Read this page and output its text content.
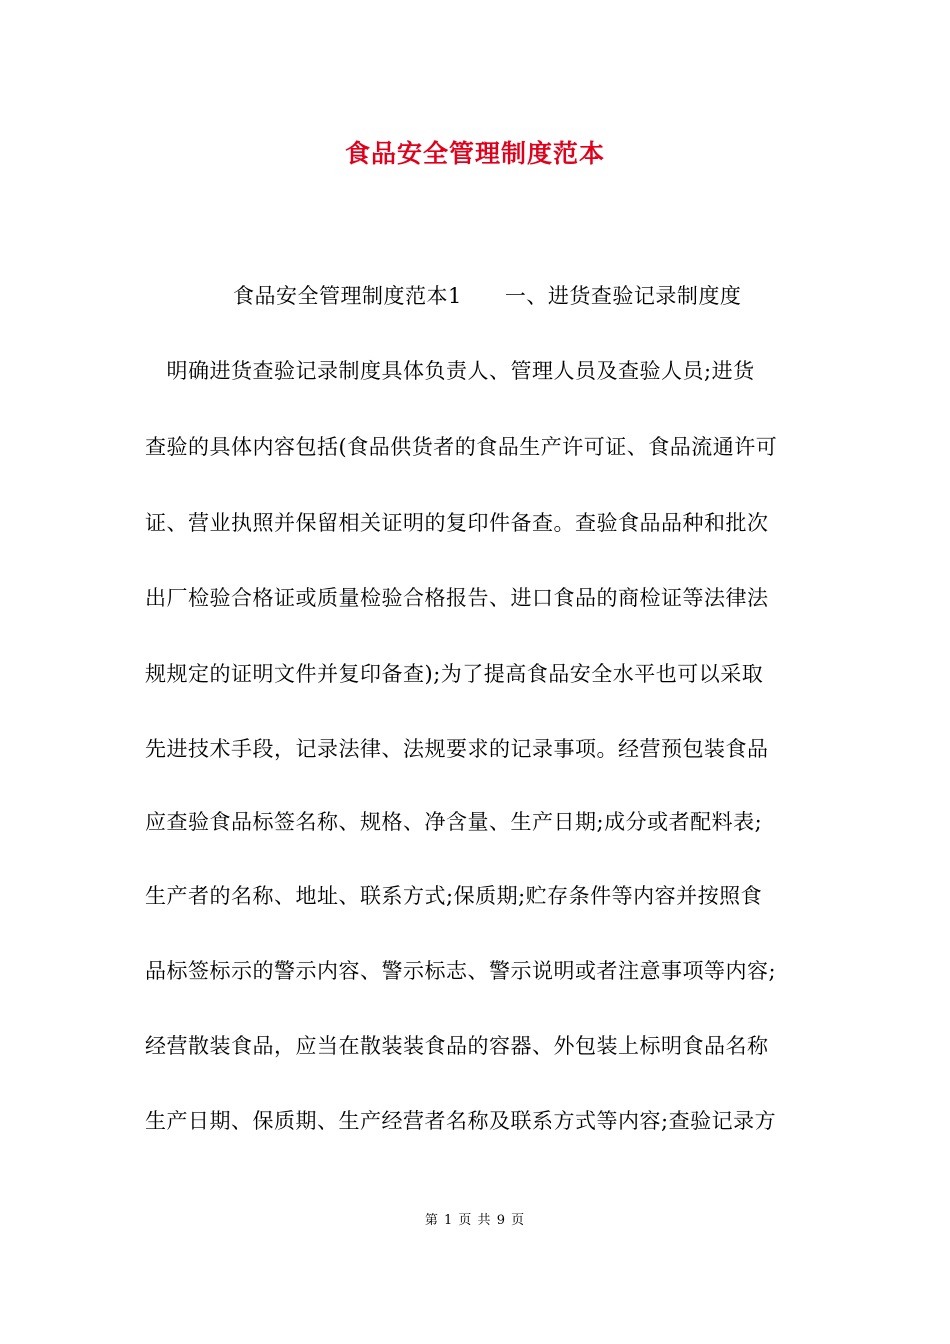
食品安全管理制度范本
食品安全管理制度范本1　　一、进货查验记录制度度
　明确进货查验记录制度具体负责人、管理人员及查验人员;进货
查验的具体内容包括(食品供货者的食品生产许可证、食品流通许可
证、营业执照并保留相关证明的复印件备查。查验食品品种和批次
出厂检验合格证或质量检验合格报告、进口食品的商检证等法律法
规规定的证明文件并复印备查);为了提高食品安全水平也可以采取
先进技术手段，记录法律、法规要求的记录事项。经营预包装食品
应查验食品标签名称、规格、净含量、生产日期;成分或者配料表;
生产者的名称、地址、联系方式;保质期;贮存条件等内容并按照食
品标签标示的警示内容、警示标志、警示说明或者注意事项等内容;
经营散装食品，应当在散装装食品的容器、外包装上标明食品名称
生产日期、保质期、生产经营者名称及联系方式等内容;查验记录方
第 1 页 共 9 页
